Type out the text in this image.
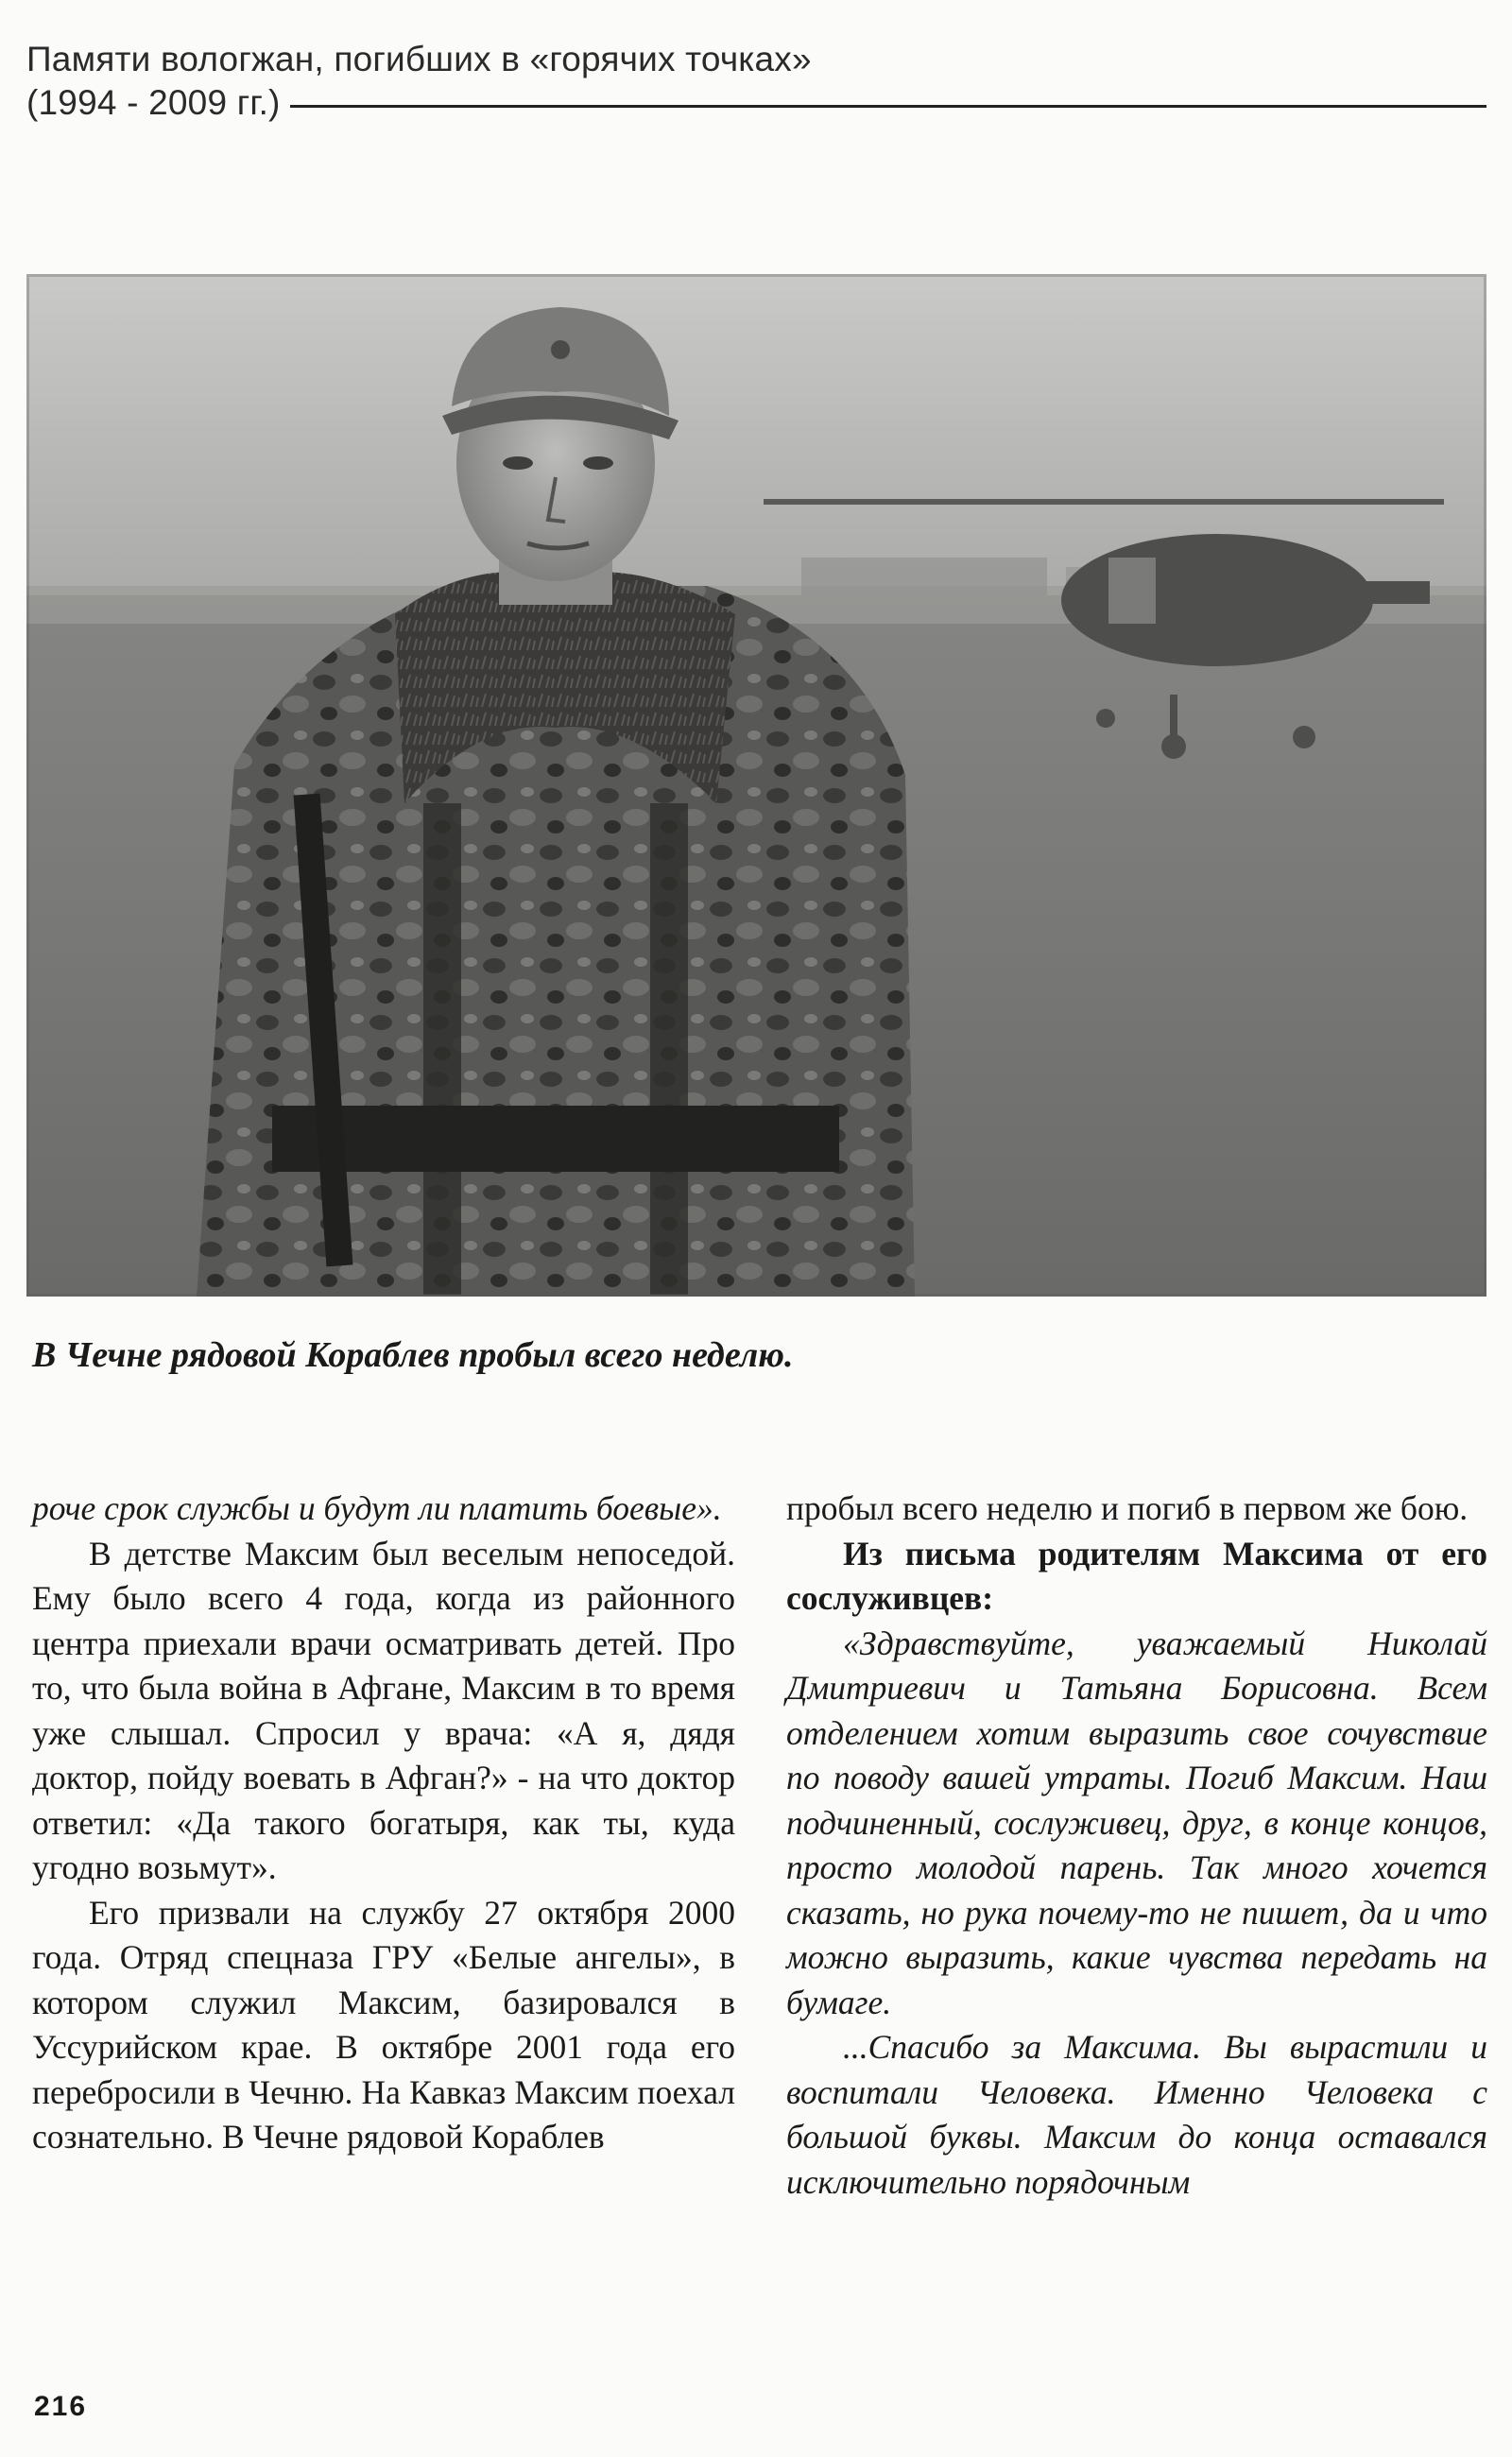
Памяти вологжан, погибших в «горячих точках»
(1994 - 2009 гг.)
В Чечне рядовой Кораблев пробыл всего неделю.

роче срок службы и будут ли платить боевые».

В детстве Максим был веселым непоседой. Ему было всего 4 года, когда из районного центра приехали врачи осматривать детей. Про то, что была война в Афгане, Максим в то время уже слышал. Спросил у врача: «А я, дядя доктор, пойду воевать в Афган?» - на что доктор ответил: «Да такого богатыря, как ты, куда угодно возьмут».

Его призвали на службу 27 октября 2000 года. Отряд спецназа ГРУ «Белые ангелы», в котором служил Максим, базировался в Уссурийском крае. В октябре 2001 года его перебросили в Чечню. На Кавказ Максим поехал сознательно. В Чечне рядовой Кораблев

пробыл всего неделю и погиб в первом же бою.

Из письма родителям Максима от его сослуживцев:

«Здравствуйте, уважаемый Николай Дмитриевич и Татьяна Борисовна. Всем отделением хотим выразить свое сочувствие по поводу вашей утраты. Погиб Максим. Наш подчиненный, сослуживец, друг, в конце концов, просто молодой парень. Так много хочется сказать, но рука почему-то не пишет, да и что можно выразить, какие чувства передать на бумаге.

...Спасибо за Максима. Вы вырастили и воспитали Человека. Именно Человека с большой буквы. Максим до конца оставался исключительно порядочным

216
